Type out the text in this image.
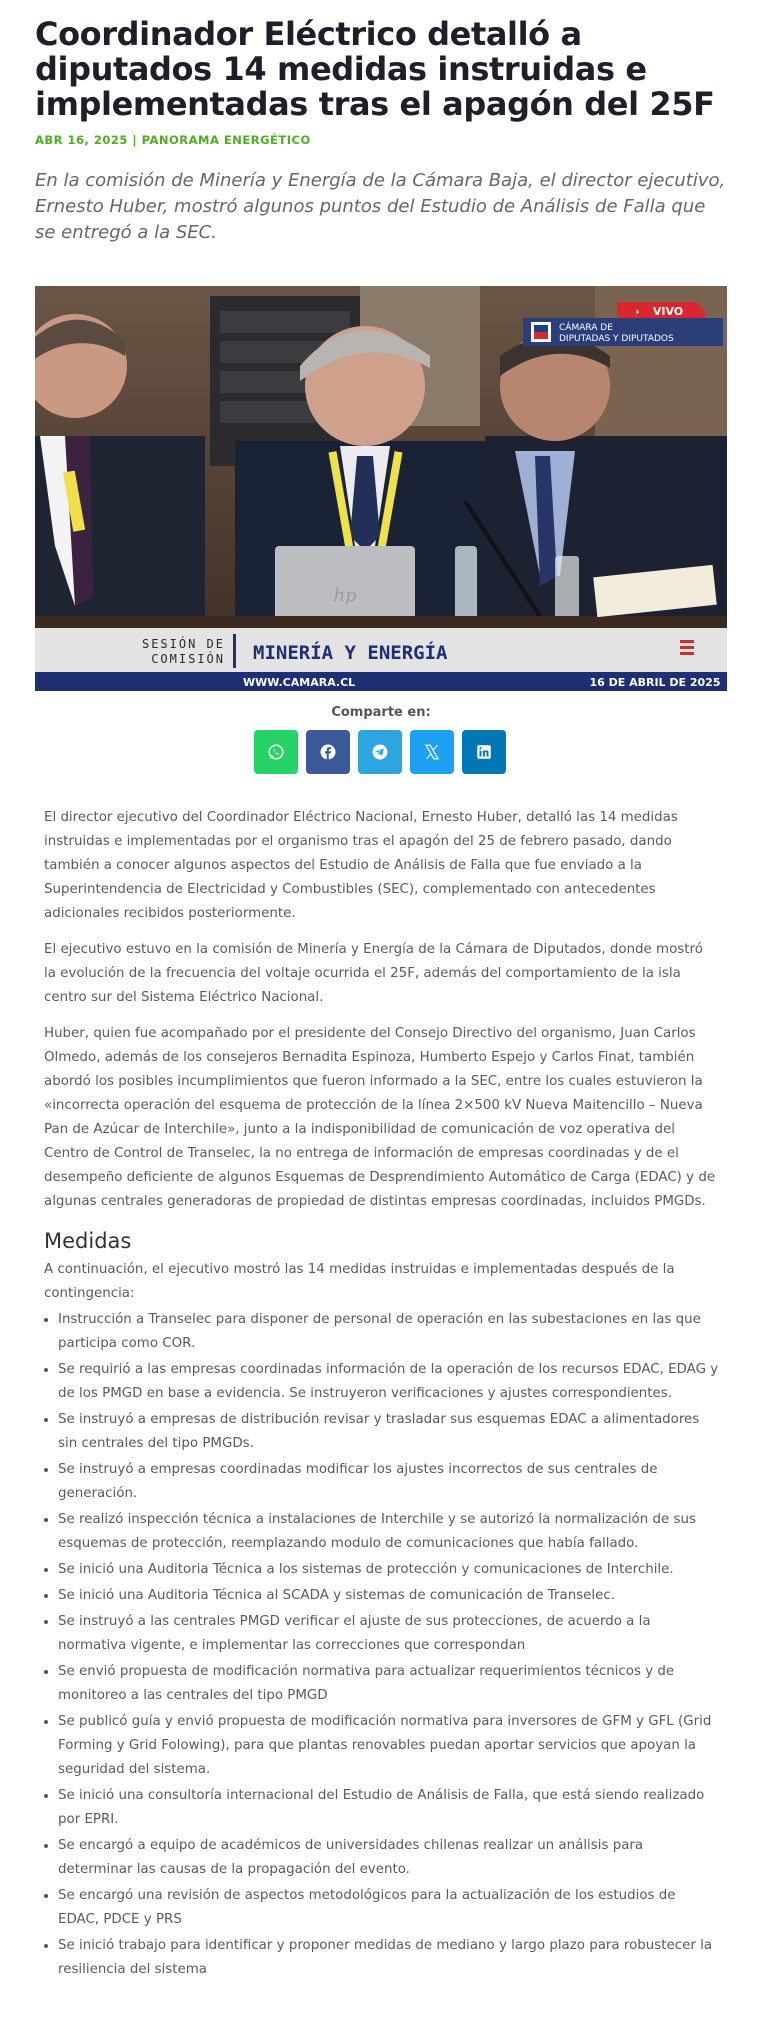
Coordinador Eléctrico detalló a diputados 14 medidas instruidas e implementadas tras el apagón del 25F
ABR 16, 2025 | PANORAMA ENERGÉTICO
En la comisión de Minería y Energía de la Cámara Baja, el director ejecutivo, Ernesto Huber, mostró algunos puntos del Estudio de Análisis de Falla que se entregó a la SEC.
hp
VIVO
›
CÁMARA DE
DIPUTADAS Y DIPUTADOS
SESIÓN DE
COMISIÓN MINERÍA Y ENERGÍA
WWW.CAMARA.CL	16 DE ABRIL DE 2025
Comparte en:

El director ejecutivo del Coordinador Eléctrico Nacional, Ernesto Huber, detalló las 14 medidas instruidas e implementadas por el organismo tras el apagón del 25 de febrero pasado, dando también a conocer algunos aspectos del Estudio de Análisis de Falla que fue enviado a la Superintendencia de Electricidad y Combustibles (SEC), complementado con antecedentes adicionales recibidos posteriormente.

El ejecutivo estuvo en la comisión de Minería y Energía de la Cámara de Diputados, donde mostró la evolución de la frecuencia del voltaje ocurrida el 25F, además del comportamiento de la isla centro sur del Sistema Eléctrico Nacional.

Huber, quien fue acompañado por el presidente del Consejo Directivo del organismo, Juan Carlos Olmedo, además de los consejeros Bernadita Espinoza, Humberto Espejo y Carlos Finat, también abordó los posibles incumplimientos que fueron informado a la SEC, entre los cuales estuvieron la «incorrecta operación del esquema de protección de la línea 2×500 kV Nueva Maitencillo – Nueva Pan de Azúcar de Interchile», junto a la indisponibilidad de comunicación de voz operativa del Centro de Control de Transelec, la no entrega de información de empresas coordinadas y de el desempeño deficiente de algunos Esquemas de Desprendimiento Automático de Carga (EDAC) y de algunas centrales generadoras de propiedad de distintas empresas coordinadas, incluidos PMGDs.

Medidas

A continuación, el ejecutivo mostró las 14 medidas instruidas e implementadas después de la contingencia:

• Instrucción a Transelec para disponer de personal de operación en las subestaciones en las que participa como COR.
• Se requirió a las empresas coordinadas información de la operación de los recursos EDAC, EDAG y de los PMGD en base a evidencia. Se instruyeron verificaciones y ajustes correspondientes.
• Se instruyó a empresas de distribución revisar y trasladar sus esquemas EDAC a alimentadores sin centrales del tipo PMGDs.
• Se instruyó a empresas coordinadas modificar los ajustes incorrectos de sus centrales de generación.
• Se realizó inspección técnica a instalaciones de Interchile y se autorizó la normalización de sus esquemas de protección, reemplazando modulo de comunicaciones que había fallado.
• Se inició una Auditoria Técnica a los sistemas de protección y comunicaciones de Interchile.
• Se inició una Auditoria Técnica al SCADA y sistemas de comunicación de Transelec.
• Se instruyó a las centrales PMGD verificar el ajuste de sus protecciones, de acuerdo a la normativa vigente, e implementar las correcciones que correspondan
• Se envió propuesta de modificación normativa para actualizar requerimientos técnicos y de monitoreo a las centrales del tipo PMGD
• Se publicó guía y envió propuesta de modificación normativa para inversores de GFM y GFL (Grid Forming y Grid Folowing), para que plantas renovables puedan aportar servicios que apoyan la seguridad del sistema.
• Se inició una consultoría internacional del Estudio de Análisis de Falla, que está siendo realizado por EPRI.
• Se encargó a equipo de académicos de universidades chilenas realizar un análisis para determinar las causas de la propagación del evento.
• Se encargó una revisión de aspectos metodológicos para la actualización de los estudios de EDAC, PDCE y PRS
• Se inició trabajo para identificar y proponer medidas de mediano y largo plazo para robustecer la resiliencia del sistema
